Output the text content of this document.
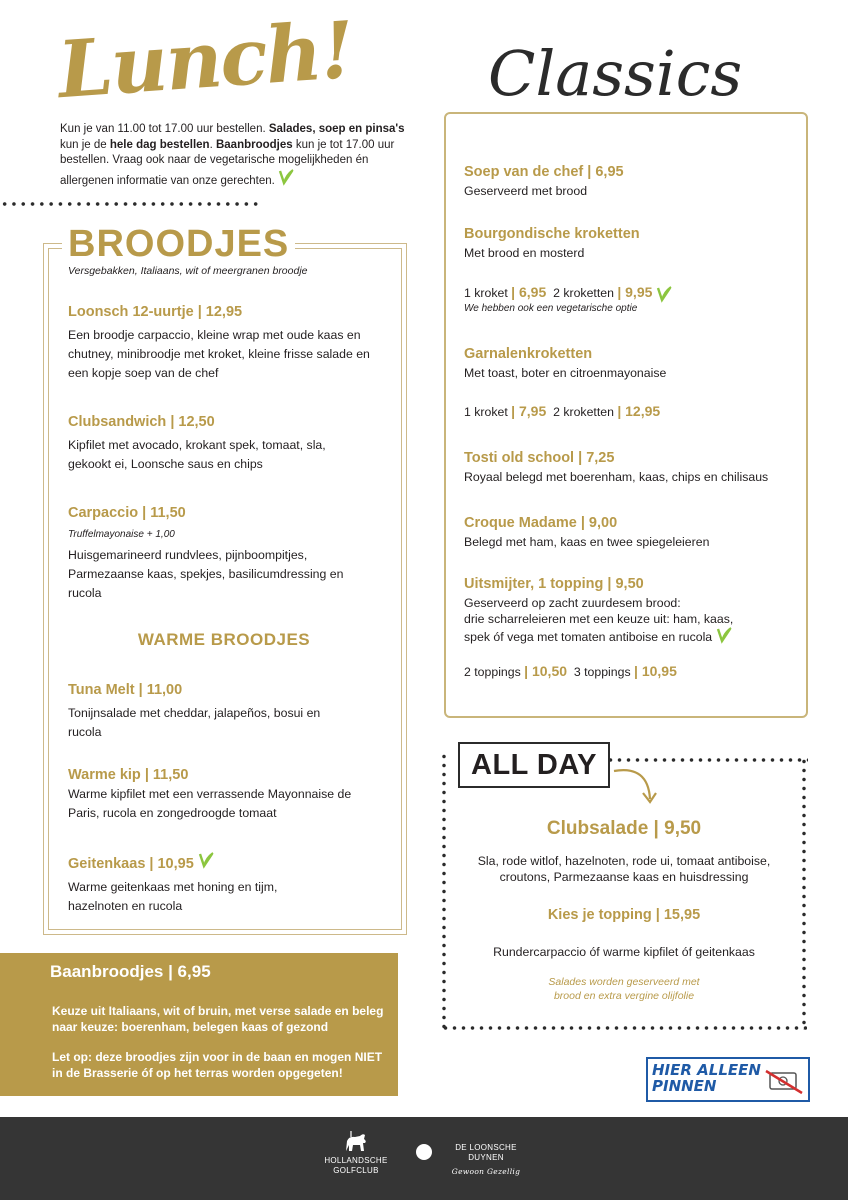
Lunch!
Kun je van 11.00 tot 17.00 uur bestellen. Salades, soep en pinsa's kun je de hele dag bestellen. Baanbroodjes kun je tot 17.00 uur bestellen. Vraag ook naar de vegetarische mogelijkheden én allergenen informatie van onze gerechten.
BROODJES
Versgebakken, Italiaans, wit of meergranen broodje
Loonsch 12-uurtje | 12,95
Een broodje carpaccio, kleine wrap met oude kaas en chutney, minibroodje met kroket, kleine frisse salade en een kopje soep van de chef
Clubsandwich | 12,50
Kipfilet met avocado, krokant spek, tomaat, sla, gekookt ei, Loonsche saus en chips
Carpaccio | 11,50
Truffelmayonaise + 1,00
Huisgemarineerd rundvlees, pijnboompitjes, Parmezaanse kaas, spekjes, basilicumdressing en rucola
WARME BROODJES
Tuna Melt | 11,00
Tonijnsalade met cheddar, jalapeños, bosui en rucola
Warme kip | 11,50
Warme kipfilet met een verrassende Mayonnaise de Paris, rucola en zongedroogde tomaat
Geitenkaas | 10,95
Warme geitenkaas met honing en tijm, hazelnoten en rucola
Baanbroodjes | 6,95
Keuze uit Italiaans, wit of bruin, met verse salade en beleg naar keuze: boerenham, belegen kaas of gezond
Let op: deze broodjes zijn voor in de baan en mogen NIET in de Brasserie óf op het terras worden opgegeten!
Classics
Soep van de chef | 6,95
Geserveerd met brood
Bourgondische kroketten
Met brood en mosterd
1 kroket | 6,95 2 kroketten | 9,95
We hebben ook een vegetarische optie
Garnalenkroketten
Met toast, boter en citroenmayonaise
1 kroket | 7,95 2 kroketten | 12,95
Tosti old school | 7,25
Royaal belegd met boerenham, kaas, chips en chilisaus
Croque Madame | 9,00
Belegd met ham, kaas en twee spiegeleieren
Uitsmijter, 1 topping | 9,50
Geserveerd op zacht zuurdesem brood:
drie scharreleieren met een keuze uit: ham, kaas,
spek óf vega met tomaten antiboise en rucola
2 toppings | 10,50 3 toppings | 10,95
ALL DAY
Clubsalade | 9,50
Sla, rode witlof, hazelnoten, rode ui, tomaat antiboise,
croutons, Parmezaanse kaas en huisdressing
Kies je topping | 15,95
Rundercarpaccio óf warme kipfilet óf geitenkaas
Salades worden geserveerd met
brood en extra vergine olijfolie
HIER ALLEEN
PINNEN
HOLLANDSCHE
GOLFCLUB
DE LOONSCHE
DUYNEN
Gewoon Gezellig
